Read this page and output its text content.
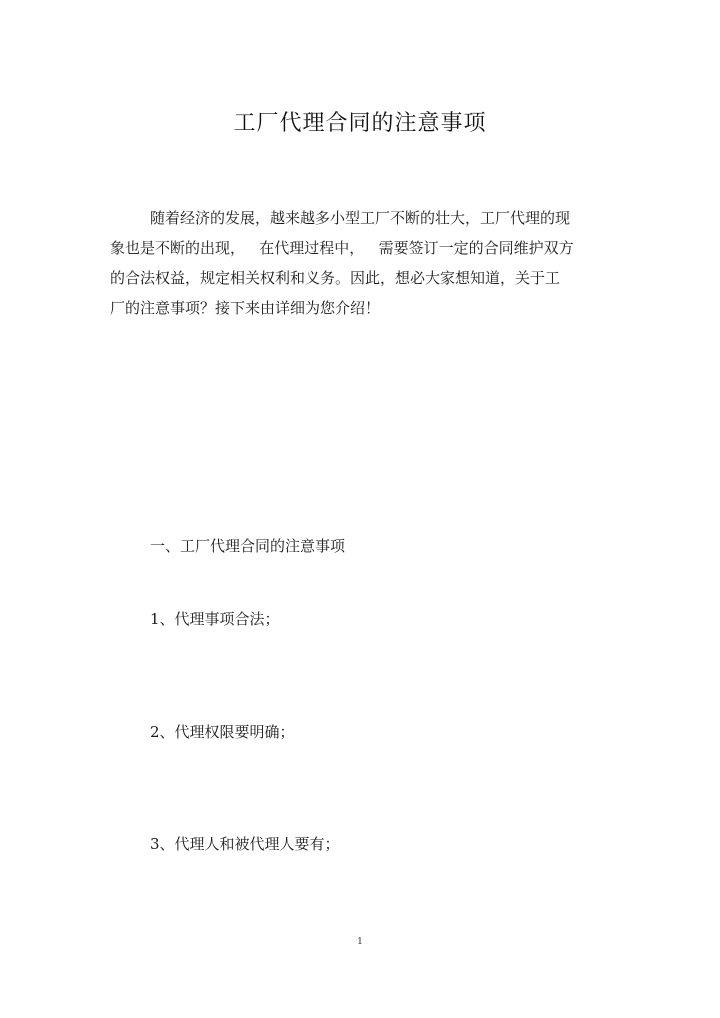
工厂代理合同的注意事项
随着经济的发展，越来越多小型工厂不断的壮大，工厂代理的现
象也是不断的出现，   在代理过程中，   需要签订一定的合同维护双方
的合法权益，规定相关权利和义务。因此，想必大家想知道，关于工
厂的注意事项？接下来由详细为您介绍！
一、工厂代理合同的注意事项
1、代理事项合法；
2、代理权限要明确；
3、代理人和被代理人要有；
1
